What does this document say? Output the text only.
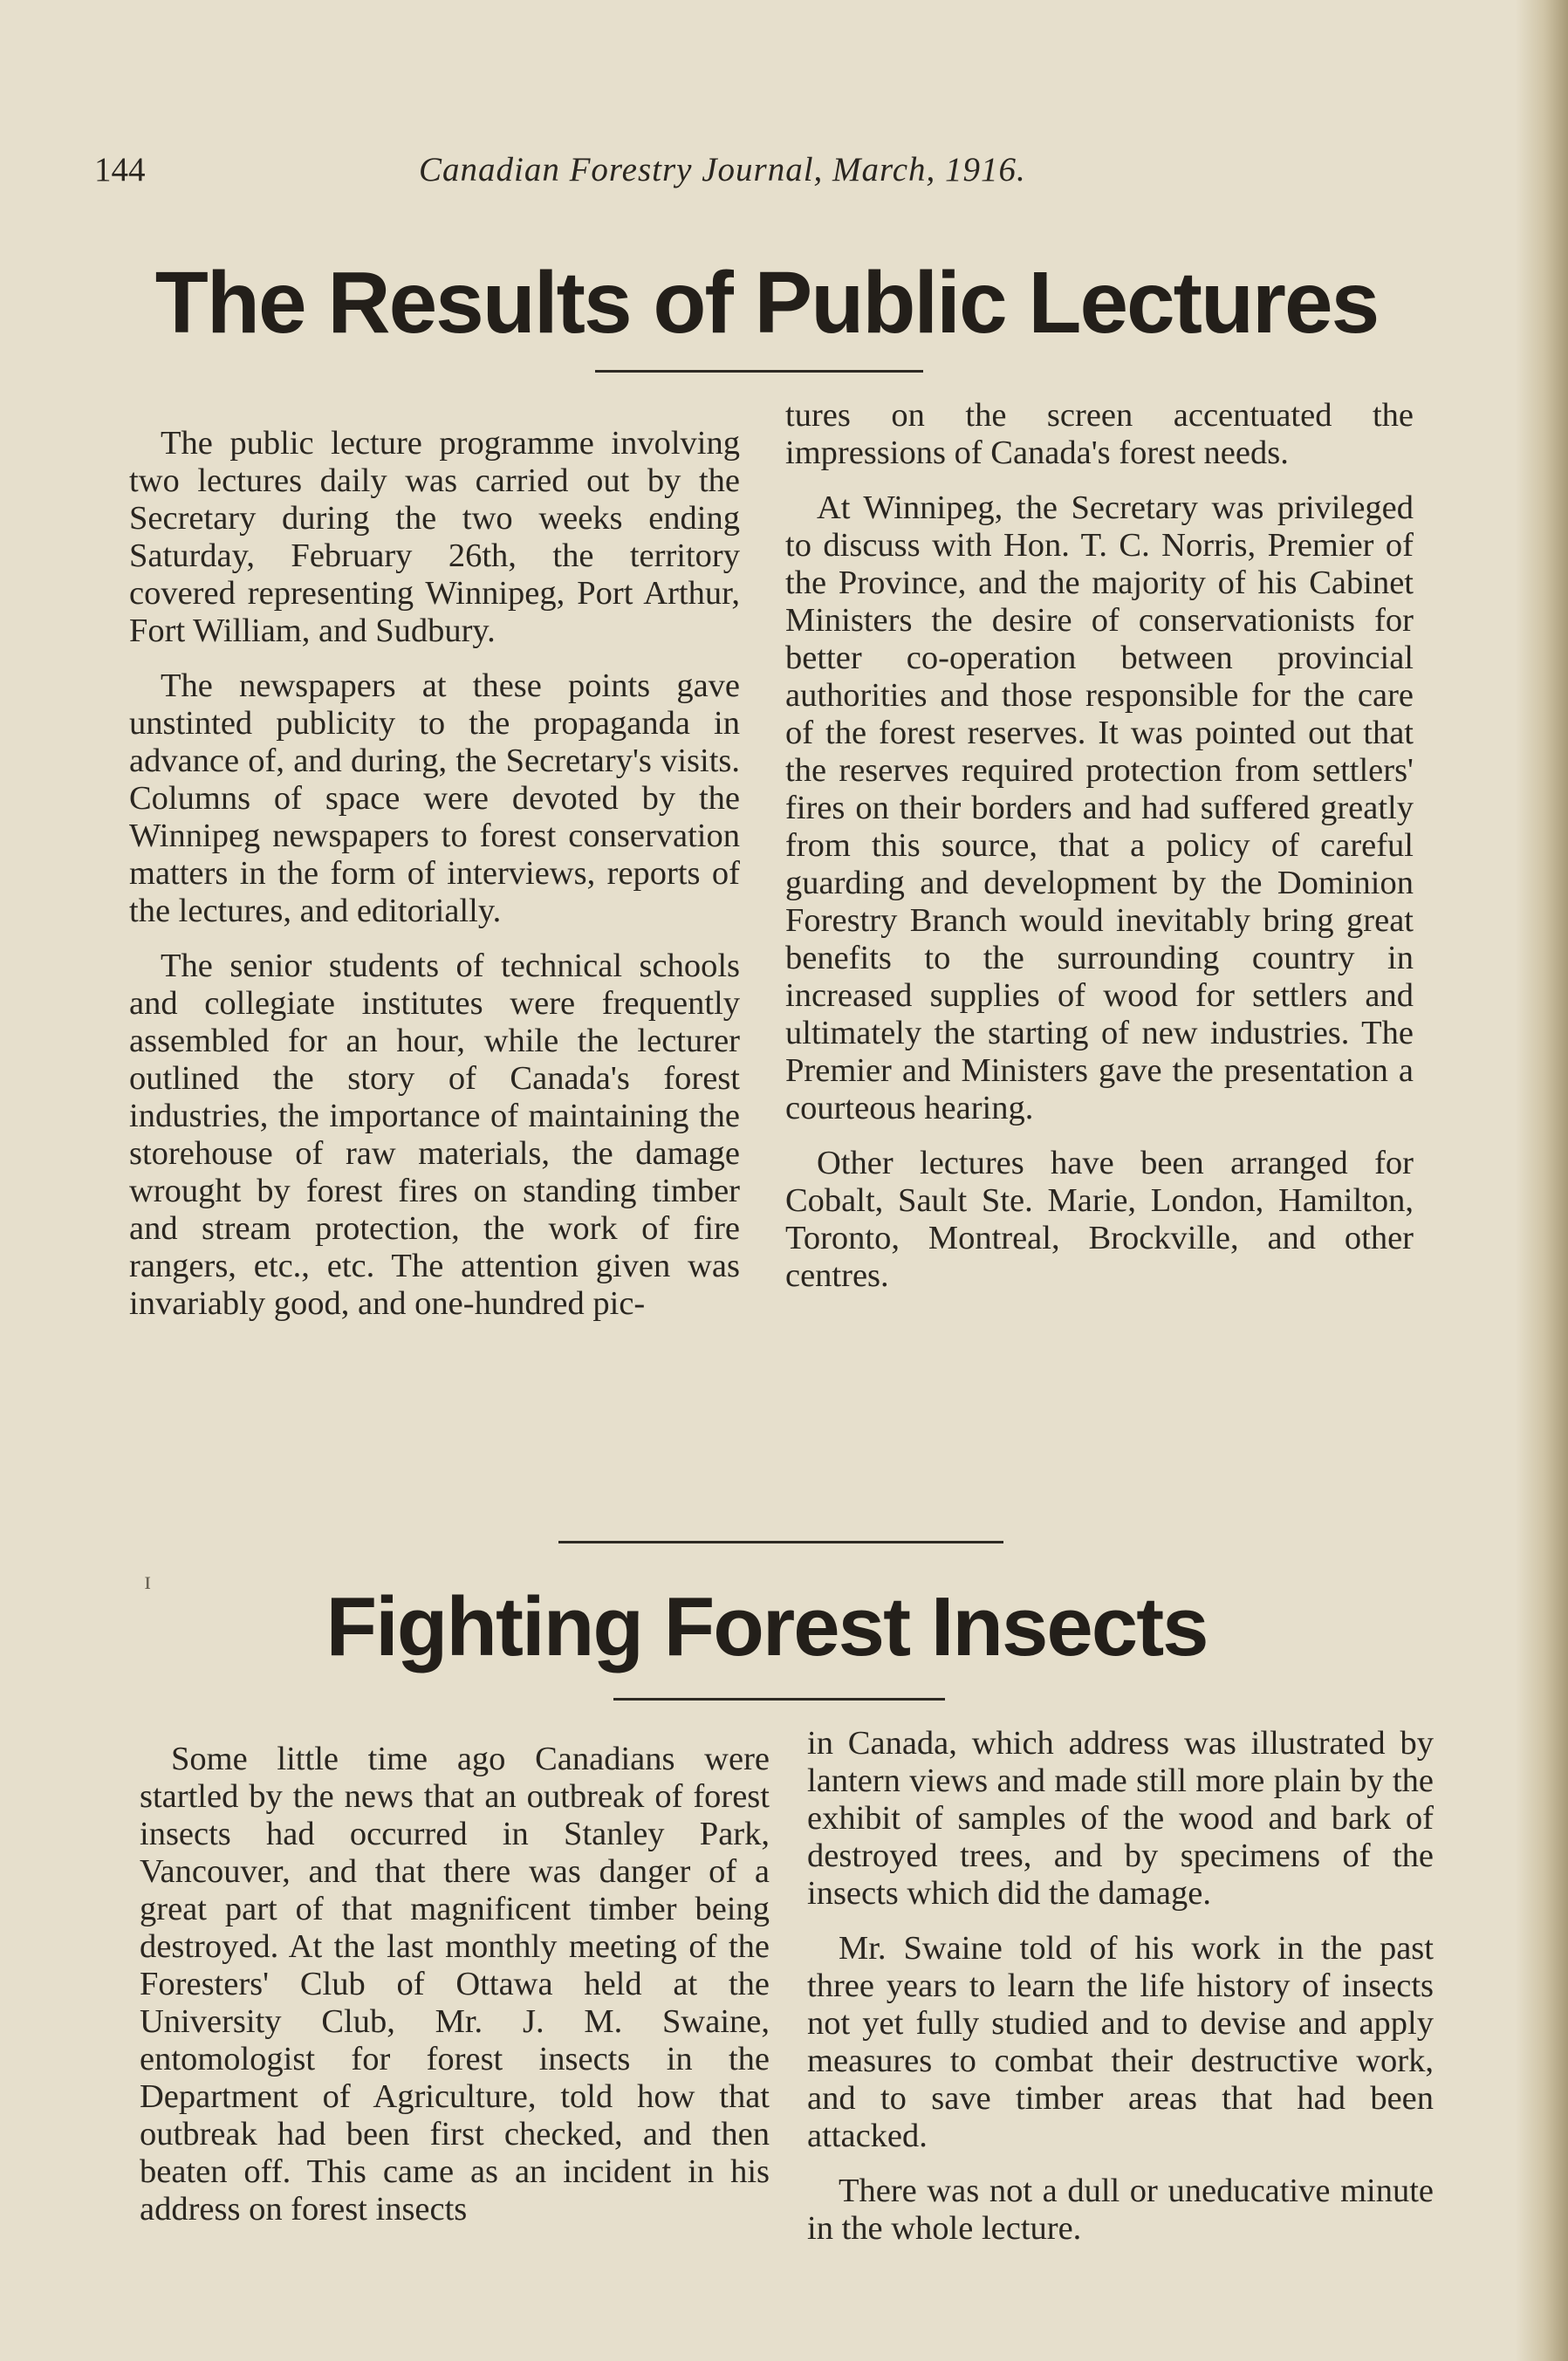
144	Canadian Forestry Journal, March, 1916.
The Results of Public Lectures

The public lecture programme involving two lectures daily was carried out by the Secretary during the two weeks ending Saturday, February 26th, the territory covered representing Winnipeg, Port Arthur, Fort William, and Sudbury.

The newspapers at these points gave unstinted publicity to the propaganda in advance of, and during, the Secretary's visits. Columns of space were devoted by the Winnipeg newspapers to forest conservation matters in the form of interviews, reports of the lectures, and editorially.

The senior students of technical schools and collegiate institutes were frequently assembled for an hour, while the lecturer outlined the story of Canada's forest industries, the importance of maintaining the storehouse of raw materials, the damage wrought by forest fires on standing timber and stream protection, the work of fire rangers, etc., etc. The attention given was invariably good, and one-hundred pic-

tures on the screen accentuated the impressions of Canada's forest needs.

At Winnipeg, the Secretary was privileged to discuss with Hon. T. C. Norris, Premier of the Province, and the majority of his Cabinet Ministers the desire of conservationists for better co-operation between provincial authorities and those responsible for the care of the forest reserves. It was pointed out that the reserves required protection from settlers' fires on their borders and had suffered greatly from this source, that a policy of careful guarding and development by the Dominion Forestry Branch would inevitably bring great benefits to the surrounding country in increased supplies of wood for settlers and ultimately the starting of new industries. The Premier and Ministers gave the presentation a courteous hearing.

Other lectures have been arranged for Cobalt, Sault Ste. Marie, London, Hamilton, Toronto, Montreal, Brockville, and other centres.

ɪ	Fighting Forest Insects

Some little time ago Canadians were startled by the news that an outbreak of forest insects had occurred in Stanley Park, Vancouver, and that there was danger of a great part of that magnificent timber being destroyed. At the last monthly meeting of the Foresters' Club of Ottawa held at the University Club, Mr. J. M. Swaine, entomologist for forest insects in the Department of Agriculture, told how that outbreak had been first checked, and then beaten off. This came as an incident in his address on forest insects

in Canada, which address was illustrated by lantern views and made still more plain by the exhibit of samples of the wood and bark of destroyed trees, and by specimens of the insects which did the damage.

Mr. Swaine told of his work in the past three years to learn the life history of insects not yet fully studied and to devise and apply measures to combat their destructive work, and to save timber areas that had been attacked.

There was not a dull or uneducative minute in the whole lecture.
